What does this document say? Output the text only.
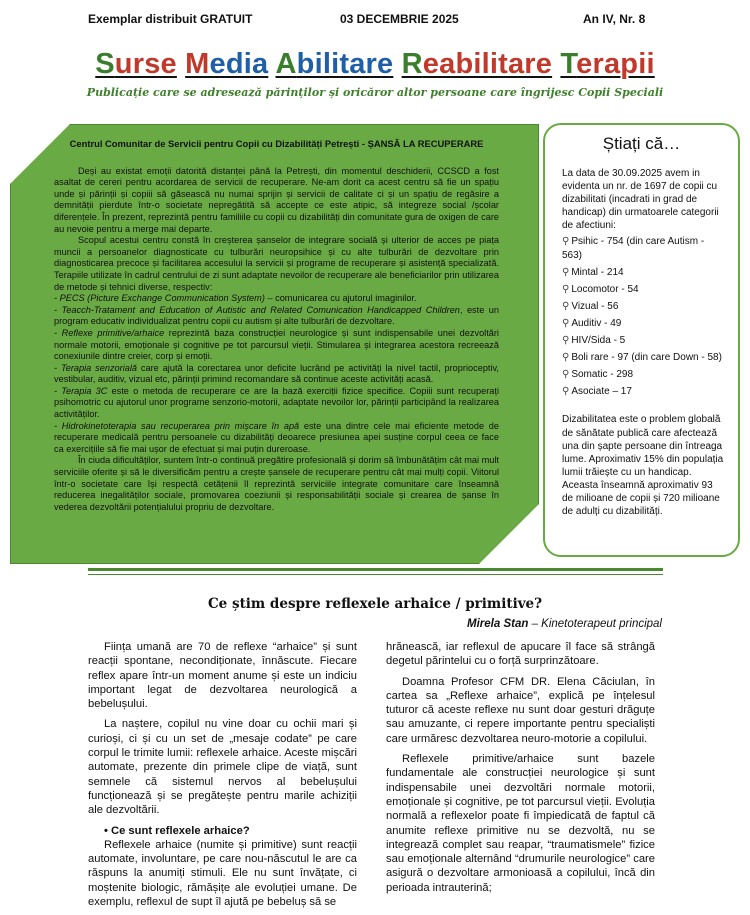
Exemplar distribuit GRATUIT	03 DECEMBRIE 2025	An IV, Nr. 8
Surse Media Abilitare Reabilitare Terapii
Publicație care se adresează părinților și oricăror altor persoane care îngrijesc Copii Speciali
Centrul Comunitar de Servicii pentru Copii cu Dizabilități Petrești - ȘANSĂ LA RECUPERARE

Deși au existat emoții datorită distanței până la Petrești, din momentul deschiderii, CCSCD a fost asaltat de cereri pentru acordarea de servicii de recuperare. Ne-am dorit ca acest centru să fie un spațiu unde și părinții și copiii să găsească nu numai sprijin și servicii de calitate ci și un spațiu de regăsire a demnității pierdute într-o societate nepregătită să accepte ce este atipic, să integreze social /școlar diferențele. În prezent, reprezintă pentru familiile cu copii cu dizabilități din comunitate gura de oxigen de care au nevoie pentru a merge mai departe.

Scopul acestui centru constă în creșterea șanselor de integrare socială și ulterior de acces pe piața muncii a persoanelor diagnosticate cu tulburări neuropsihice și cu alte tulburări de dezvoltare prin diagnosticarea precoce și facilitarea accesului la servicii și programe de recuperare și asistență specializată. Terapiile utilizate în cadrul centrului de zi sunt adaptate nevoilor de recuperare ale beneficiarilor prin utilizarea de metode și tehnici diverse, respectiv:

- PECS (Picture Exchange Communication System) – comunicarea cu ajutorul imaginilor.

- Teacch-Tratament and Education of Autistic and Related Comunication Handicapped Children, este un program educativ individualizat pentru copii cu autism și alte tulburări de dezvoltare.

- Reflexe primitive/arhaice reprezintă baza construcției neurologice și sunt indispensabile unei dezvoltări normale motorii, emoționale și cognitive pe tot parcursul vieții. Stimularea și integrarea acestora recreează conexiunile dintre creier, corp și emoții.

- Terapia senzorială care ajută la corectarea unor deficite lucrând pe activități la nivel tactil, proprioceptiv, vestibular, auditiv, vizual etc, părinții primind recomandare să continue aceste activități acasă.

- Terapia 3C este o metoda de recuperare ce are la bază exerciții fizice specifice. Copiii sunt recuperați psihomotric cu ajutorul unor programe senzorio-motorii, adaptate nevoilor lor, părinții participând la realizarea activităților.

- Hidrokinetoterapia sau recuperarea prin mișcare în apă este una dintre cele mai eficiente metode de recuperare medicală pentru persoanele cu dizabilități deoarece presiunea apei susține corpul ceea ce face ca exercițiile să fie mai ușor de efectuat și mai puțin dureroase.

În ciuda dificultăților, suntem într-o continuă pregătire profesională și dorim să îmbunătățim cât mai mult serviciile oferite și să le diversificăm pentru a crește șansele de recuperare pentru cât mai mulți copii. Viitorul într-o societate care își respectă cetățenii îl reprezintă serviciile integrate comunitare care înseamnă reducerea inegalităților sociale, promovarea coeziunii și responsabilității sociale și crearea de șanse în vederea dezvoltării potențialului propriu de dezvoltare.

Știați că…
La data de 30.09.2025 avem in evidenta un nr. de 1697 de copii cu dizabilitati (incadrati in grad de handicap) din urmatoarele categorii de afectiuni:
⚲ Psihic - 754 (din care Autism - 563)
⚲ Mintal - 214
⚲ Locomotor - 54
⚲ Vizual - 56
⚲ Auditiv - 49
⚲ HIV/Sida - 5
⚲ Boli rare - 97 (din care Down - 58)
⚲ Somatic - 298
⚲ Asociate – 17
Dizabilitatea este o problem globală de sănătate publică care afectează una din șapte persoane din întreaga lume. Aproximativ 15% din populația lumii trăiește cu un handicap. Aceasta înseamnă aproximativ 93 de milioane de copii și 720 milioane de adulți cu dizabilități.
Ce știm despre reflexele arhaice / primitive?
Mirela Stan – Kinetoterapeut principal

Ființa umană are 70 de reflexe “arhaice” și sunt reacții spontane, necondiționate, înnăscute. Fiecare reflex apare într-un moment anume și este un indiciu important legat de dezvoltarea neurologică a bebelușului.

La naștere, copilul nu vine doar cu ochii mari și curioși, ci și cu un set de „mesaje codate” pe care corpul le trimite lumii: reflexele arhaice. Aceste mișcări automate, prezente din primele clipe de viață, sunt semnele că sistemul nervos al bebelușului funcționează și se pregătește pentru marile achiziții ale dezvoltării.

• Ce sunt reflexele arhaice?

Reflexele arhaice (numite și primitive) sunt reacții automate, involuntare, pe care nou-născutul le are ca răspuns la anumiți stimuli. Ele nu sunt învățate, ci moștenite biologic, rămășițe ale evoluției umane. De exemplu, reflexul de supt îl ajută pe bebeluș să se

hrănească, iar reflexul de apucare îl face să strângă degetul părintelui cu o forță surprinzătoare.

Doamna Profesor CFM DR. Elena Căciulan, în cartea sa „Reflexe arhaice”, explică pe înțelesul tuturor că aceste reflexe nu sunt doar gesturi drăguțe sau amuzante, ci repere importante pentru specialiști care urmăresc dezvoltarea neuro-motorie a copilului.

Reflexele primitive/arhaice sunt bazele fundamentale ale construcției neurologice și sunt indispensabile unei dezvoltări normale motorii, emoționale și cognitive, pe tot parcursul vieții. Evoluția normală a reflexelor poate fi împiedicată de faptul că anumite reflexe primitive nu se dezvoltă, nu se integrează complet sau reapar, “traumatismele” fizice sau emoționale alternând “drumurile neurologice” care asigură o dezvoltare armonioasă a copilului, încă din perioada intrauterină;
